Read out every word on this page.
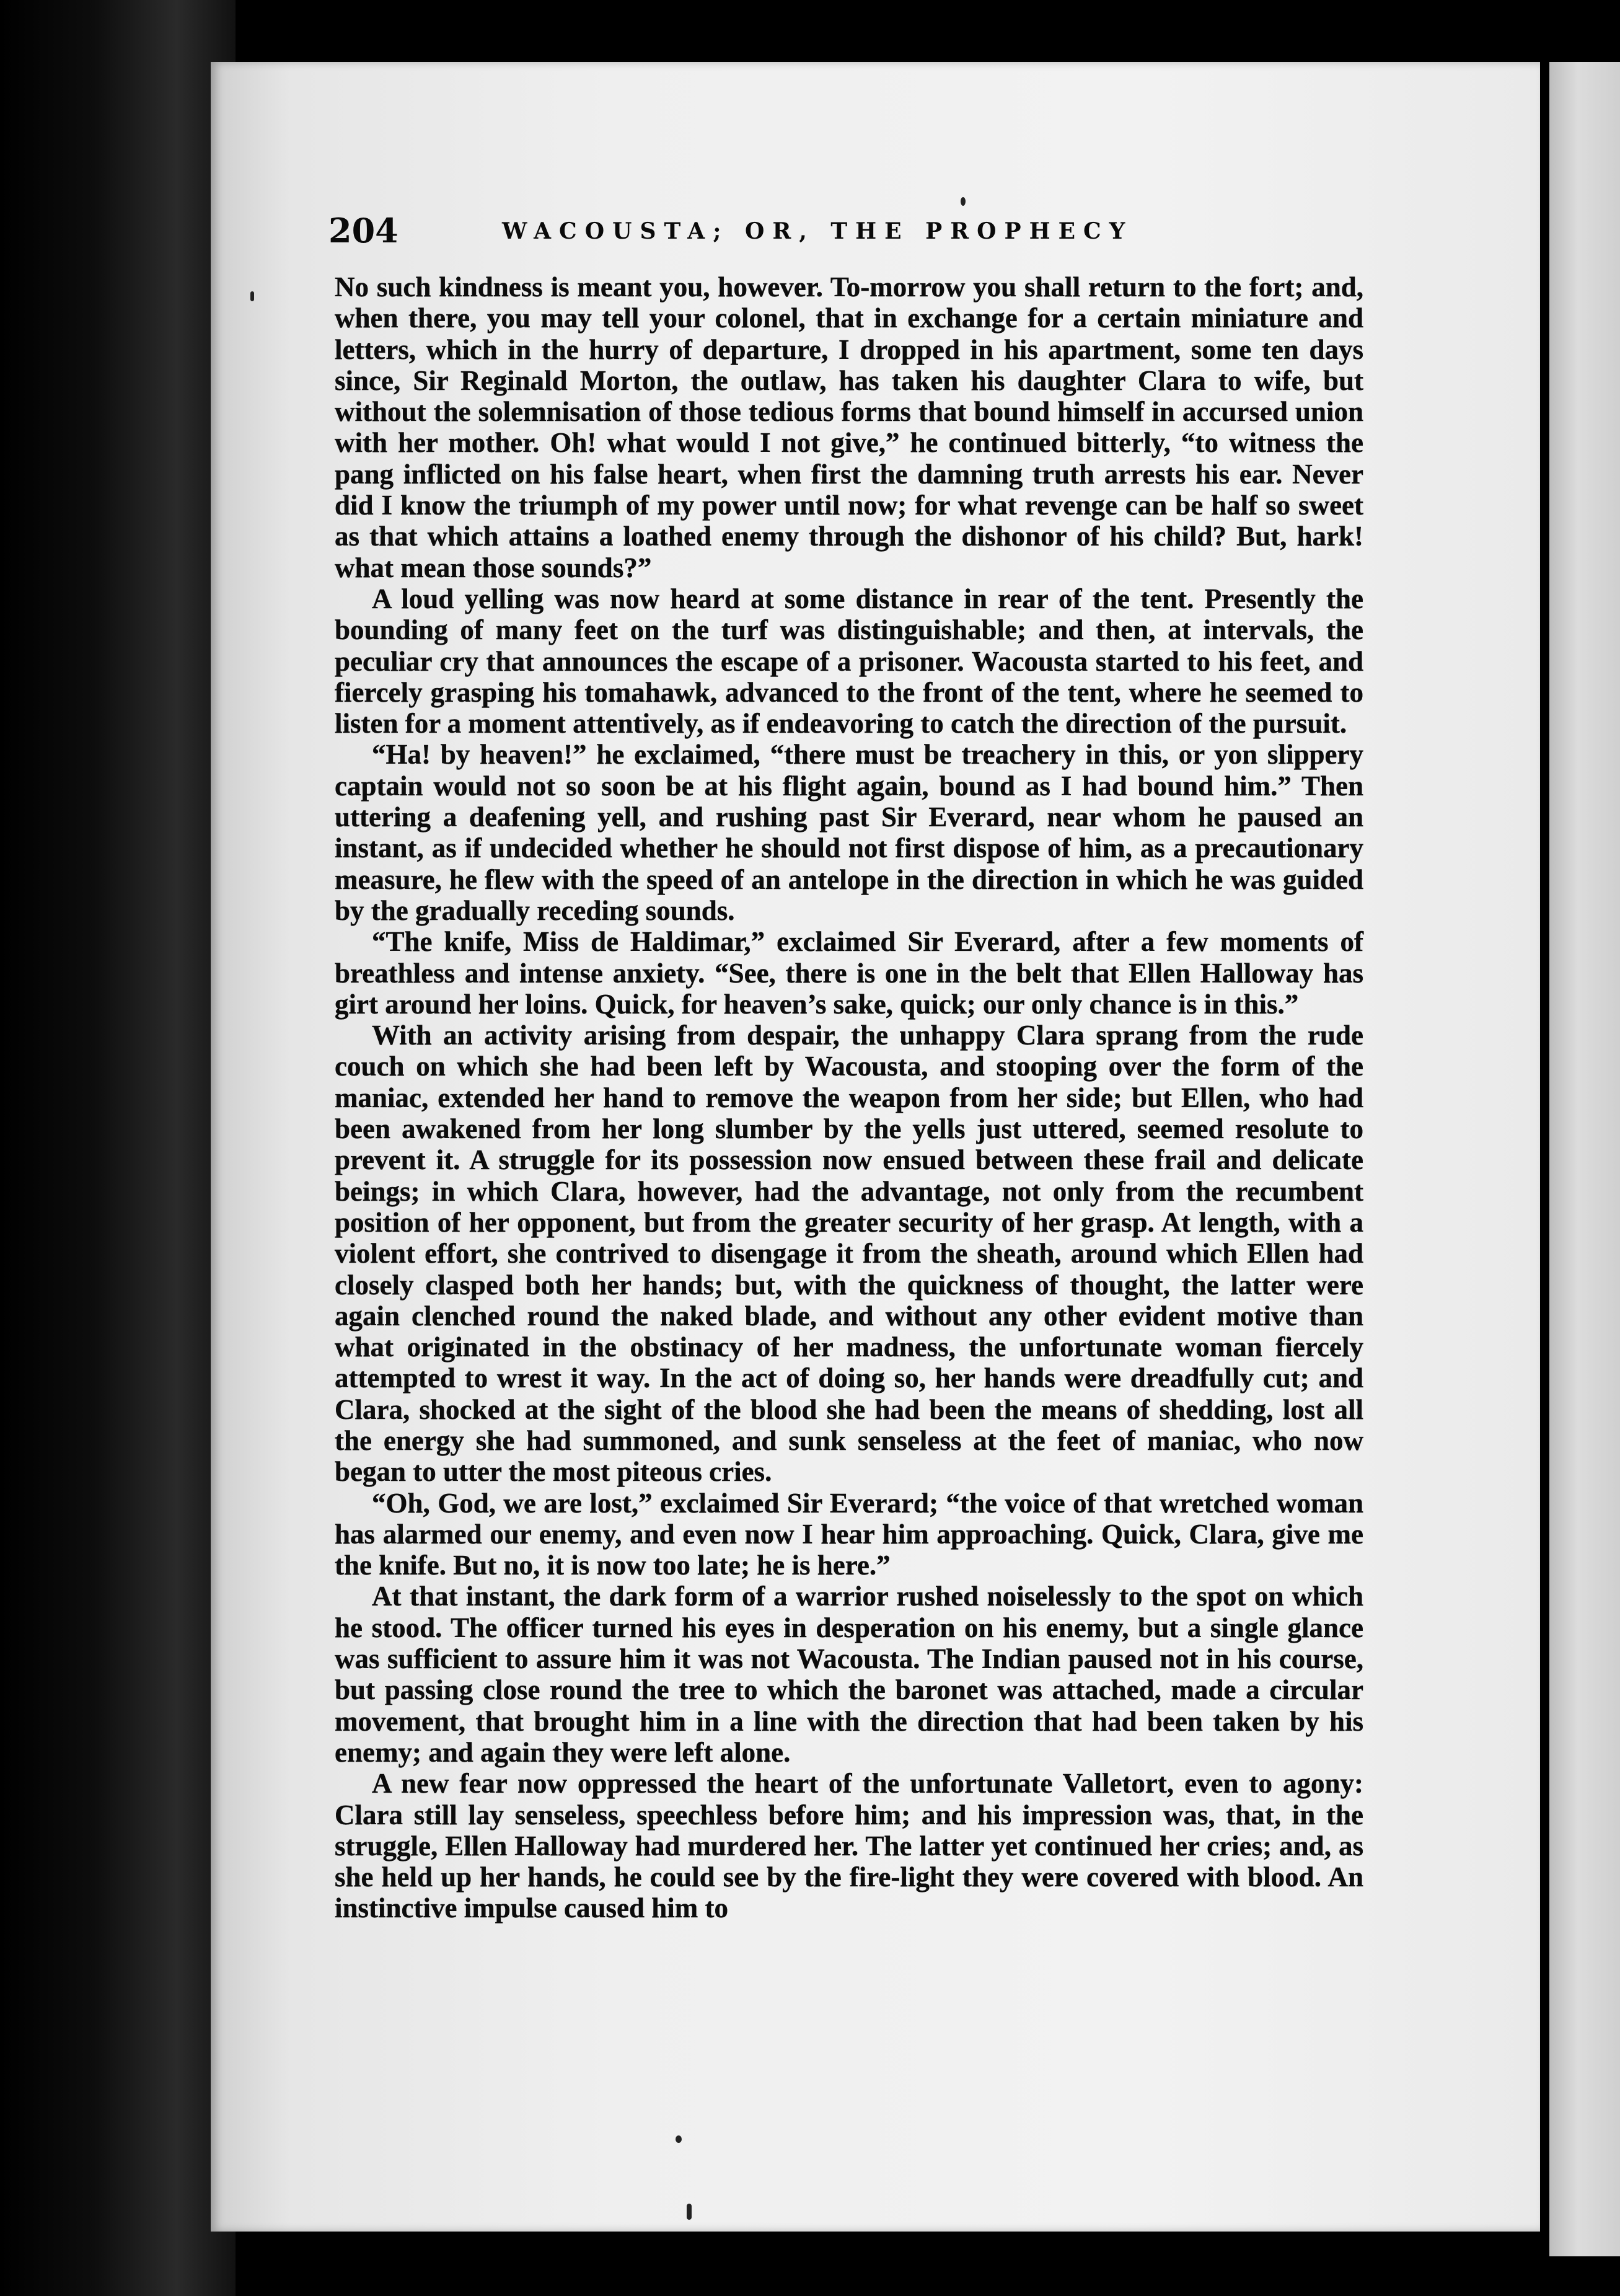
204	WACOUSTA; OR, THE PROPHECY

No such kindness is meant you, however. To-morrow you shall return to the fort; and, when there, you may tell your colonel, that in exchange for a certain miniature and letters, which in the hurry of departure, I dropped in his apartment, some ten days since, Sir Reginald Morton, the outlaw, has taken his daughter Clara to wife, but without the solemnisation of those tedious forms that bound himself in accursed union with her mother. Oh! what would I not give,” he continued bitterly, “to witness the pang inflicted on his false heart, when first the damning truth arrests his ear. Never did I know the triumph of my power until now; for what revenge can be half so sweet as that which attains a loathed enemy through the dishonor of his child? But, hark! what mean those sounds?”

A loud yelling was now heard at some distance in rear of the tent. Presently the bounding of many feet on the turf was distinguishable; and then, at intervals, the peculiar cry that announces the escape of a prisoner. Wacousta started to his feet, and fiercely grasping his tomahawk, advanced to the front of the tent, where he seemed to listen for a moment attentively, as if endeavoring to catch the direction of the pursuit.

“Ha! by heaven!” he exclaimed, “there must be treachery in this, or yon slippery captain would not so soon be at his flight again, bound as I had bound him.” Then uttering a deafening yell, and rushing past Sir Everard, near whom he paused an instant, as if undecided whether he should not first dispose of him, as a precautionary measure, he flew with the speed of an antelope in the direction in which he was guided by the gradually receding sounds.

“The knife, Miss de Haldimar,” exclaimed Sir Everard, after a few moments of breathless and intense anxiety. “See, there is one in the belt that Ellen Halloway has girt around her loins. Quick, for heaven’s sake, quick; our only chance is in this.”

With an activity arising from despair, the unhappy Clara sprang from the rude couch on which she had been left by Wacousta, and stooping over the form of the maniac, extended her hand to remove the weapon from her side; but Ellen, who had been awakened from her long slumber by the yells just uttered, seemed resolute to prevent it. A struggle for its possession now ensued between these frail and delicate beings; in which Clara, however, had the advantage, not only from the recumbent position of her opponent, but from the greater security of her grasp. At length, with a violent effort, she contrived to disengage it from the sheath, around which Ellen had closely clasped both her hands; but, with the quickness of thought, the latter were again clenched round the naked blade, and without any other evident motive than what originated in the obstinacy of her madness, the unfortunate woman fiercely attempted to wrest it way. In the act of doing so, her hands were dreadfully cut; and Clara, shocked at the sight of the blood she had been the means of shedding, lost all the energy she had summoned, and sunk senseless at the feet of maniac, who now began to utter the most piteous cries.

“Oh, God, we are lost,” exclaimed Sir Everard; “the voice of that wretched woman has alarmed our enemy, and even now I hear him approaching. Quick, Clara, give me the knife. But no, it is now too late; he is here.”

At that instant, the dark form of a warrior rushed noiselessly to the spot on which he stood. The officer turned his eyes in desperation on his enemy, but a single glance was sufficient to assure him it was not Wacousta. The Indian paused not in his course, but passing close round the tree to which the baronet was attached, made a circular movement, that brought him in a line with the direction that had been taken by his enemy; and again they were left alone.

A new fear now oppressed the heart of the unfortunate Valletort, even to agony: Clara still lay senseless, speechless before him; and his impression was, that, in the struggle, Ellen Halloway had murdered her. The latter yet continued her cries; and, as she held up her hands, he could see by the fire-light they were covered with blood. An instinctive impulse caused him to
